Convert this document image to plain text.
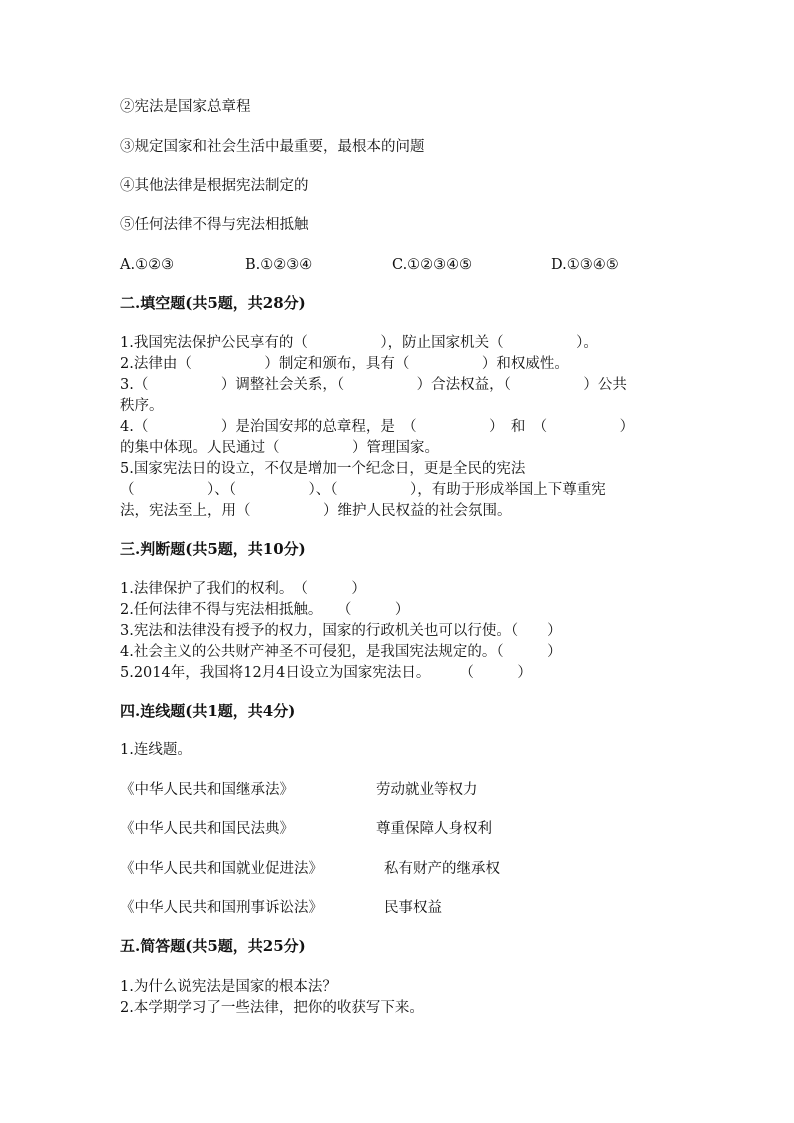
②宪法是国家总章程
③规定国家和社会生活中最重要，最根本的问题
④其他法律是根据宪法制定的
⑤任何法律不得与宪法相抵触
A.①②③	B.①②③④	C.①②③④⑤	D.①③④⑤
二.填空题(共5题，共28分)
1.我国宪法保护公民享有的（　　　　　），防止国家机关（　　　　　）。
2.法律由（　　　　　）制定和颁布，具有（　　　　　）和权威性。
3.（　　　　　）调整社会关系，（　　　　　）合法权益，（　　　　　）公共
秩序。
4.（　　　　　）是治国安邦的总章程，是　（　　　　　）　和　（　　　　　）
的集中体现。人民通过（　　　　　）管理国家。
5.国家宪法日的设立，不仅是增加一个纪念日，更是全民的宪法
（　　　　　）、（　　　　　）、（　　　　　），有助于形成举国上下尊重宪
法，宪法至上，用（　　　　　）维护人民权益的社会氛围。
三.判断题(共5题，共10分)
1.法律保护了我们的权利。　（　　　）
2.任何法律不得与宪法相抵触。　　（　　　）
3.宪法和法律没有授予的权力，国家的行政机关也可以行使。（　　）
4.社会主义的公共财产神圣不可侵犯，是我国宪法规定的。（　　　）
5.2014年，我国将12月4日设立为国家宪法日。　　　（　　　）
四.连线题(共1题，共4分)
1.连线题。
《中华人民共和国继承法》	劳动就业等权力
《中华人民共和国民法典》	尊重保障人身权利
《中华人民共和国就业促进法》	私有财产的继承权
《中华人民共和国刑事诉讼法》	民事权益
五.简答题(共5题，共25分)
1.为什么说宪法是国家的根本法？
2.本学期学习了一些法律，把你的收获写下来。
